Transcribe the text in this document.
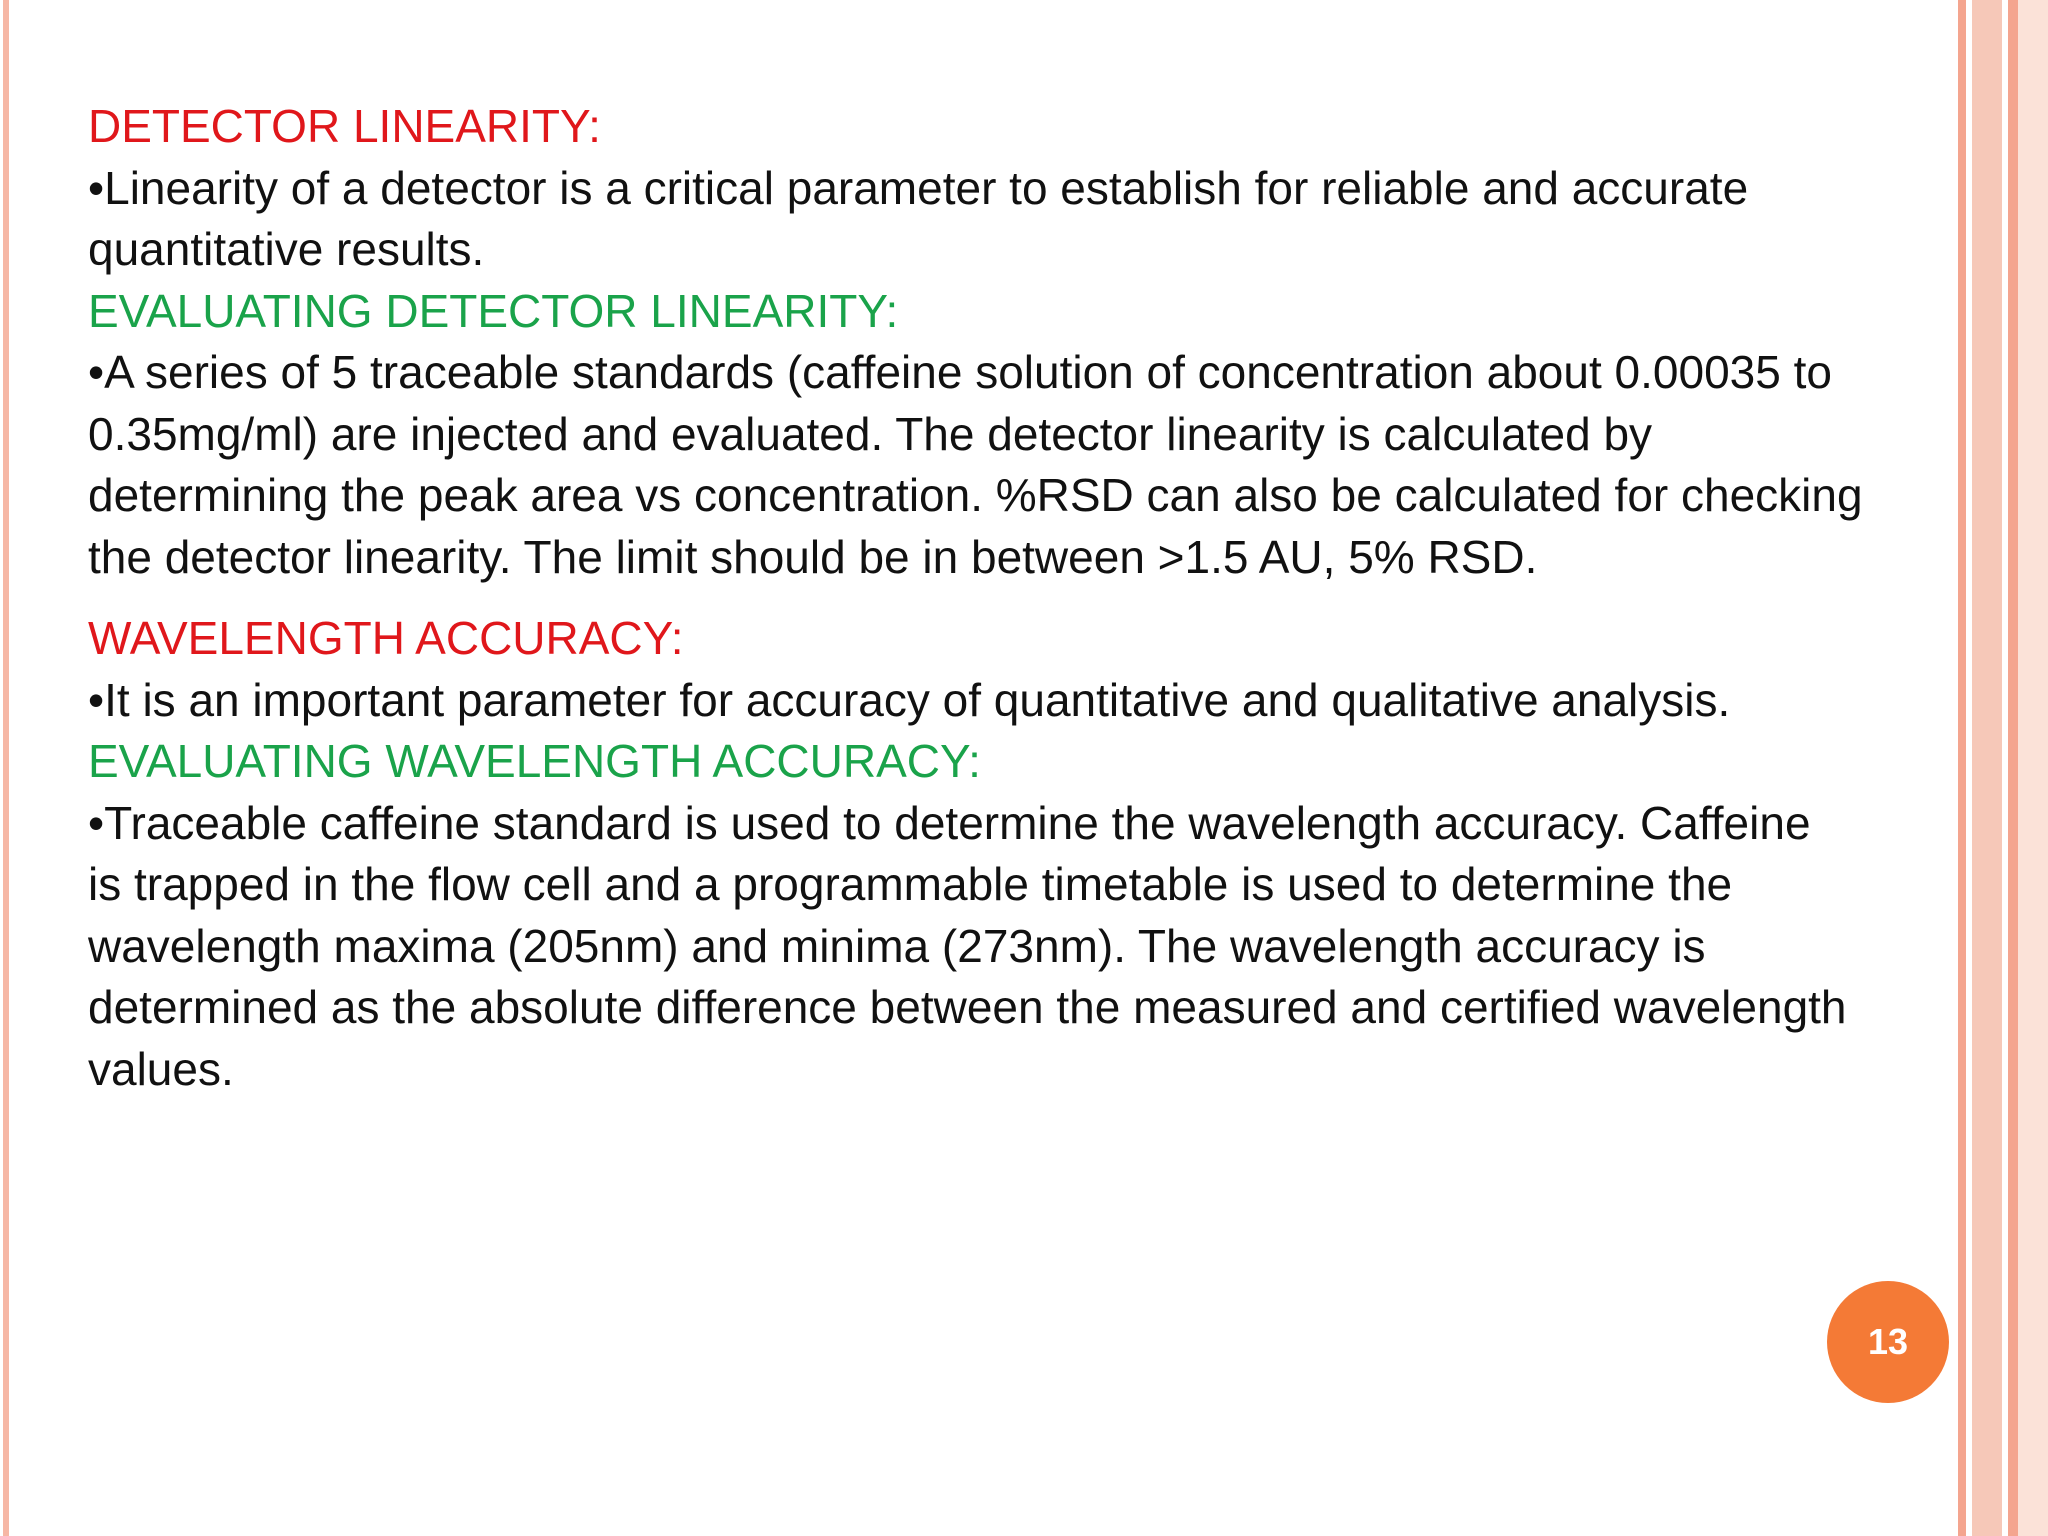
DETECTOR LINEARITY:

•Linearity of a detector is a critical parameter to establish for reliable and accurate quantitative results.

EVALUATING DETECTOR LINEARITY:

•A series of 5 traceable standards (caffeine solution of concentration about 0.00035 to 0.35mg/ml) are injected and evaluated. The detector linearity is calculated by determining the peak area vs concentration. %RSD can also be calculated for checking the detector linearity. The limit should be in between >1.5 AU, 5% RSD.

WAVELENGTH ACCURACY:

•It is an important parameter for accuracy of quantitative and qualitative analysis.

EVALUATING WAVELENGTH ACCURACY:

•Traceable caffeine standard is used to determine the wavelength accuracy. Caffeine is trapped in the flow cell and a programmable timetable is used to determine the wavelength maxima (205nm) and minima (273nm). The wavelength accuracy is determined as the absolute difference between the measured and certified wavelength values.

13
